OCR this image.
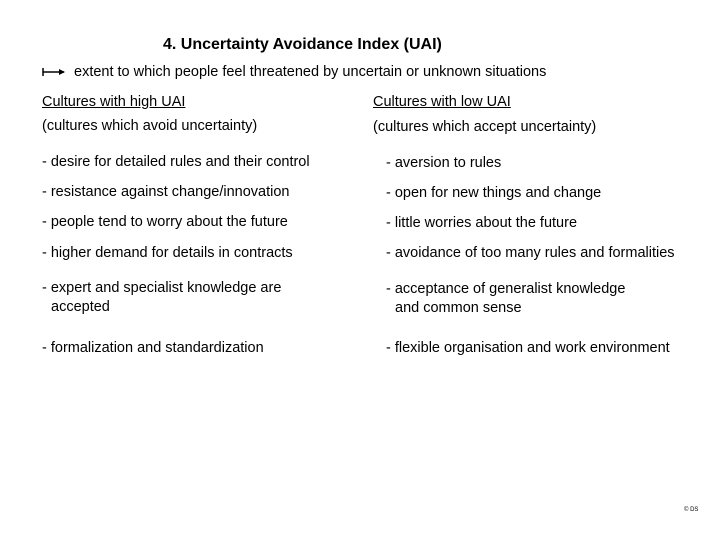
4. Uncertainty Avoidance Index (UAI)
extent to which people feel threatened by uncertain or unknown situations
Cultures with high UAI
(cultures which avoid uncertainty)
- desire for detailed rules and their control
- resistance against change/innovation
- people tend to worry about the future
- higher demand for details in contracts
- expert and specialist knowledge are
accepted
- formalization and standardization
Cultures with low UAI
(cultures which accept uncertainty)
- aversion to rules
- open for new things and change
- little worries about the future
- avoidance of too many rules and formalities
- acceptance of generalist knowledge
and common sense
- flexible organisation and work environment
© DS
